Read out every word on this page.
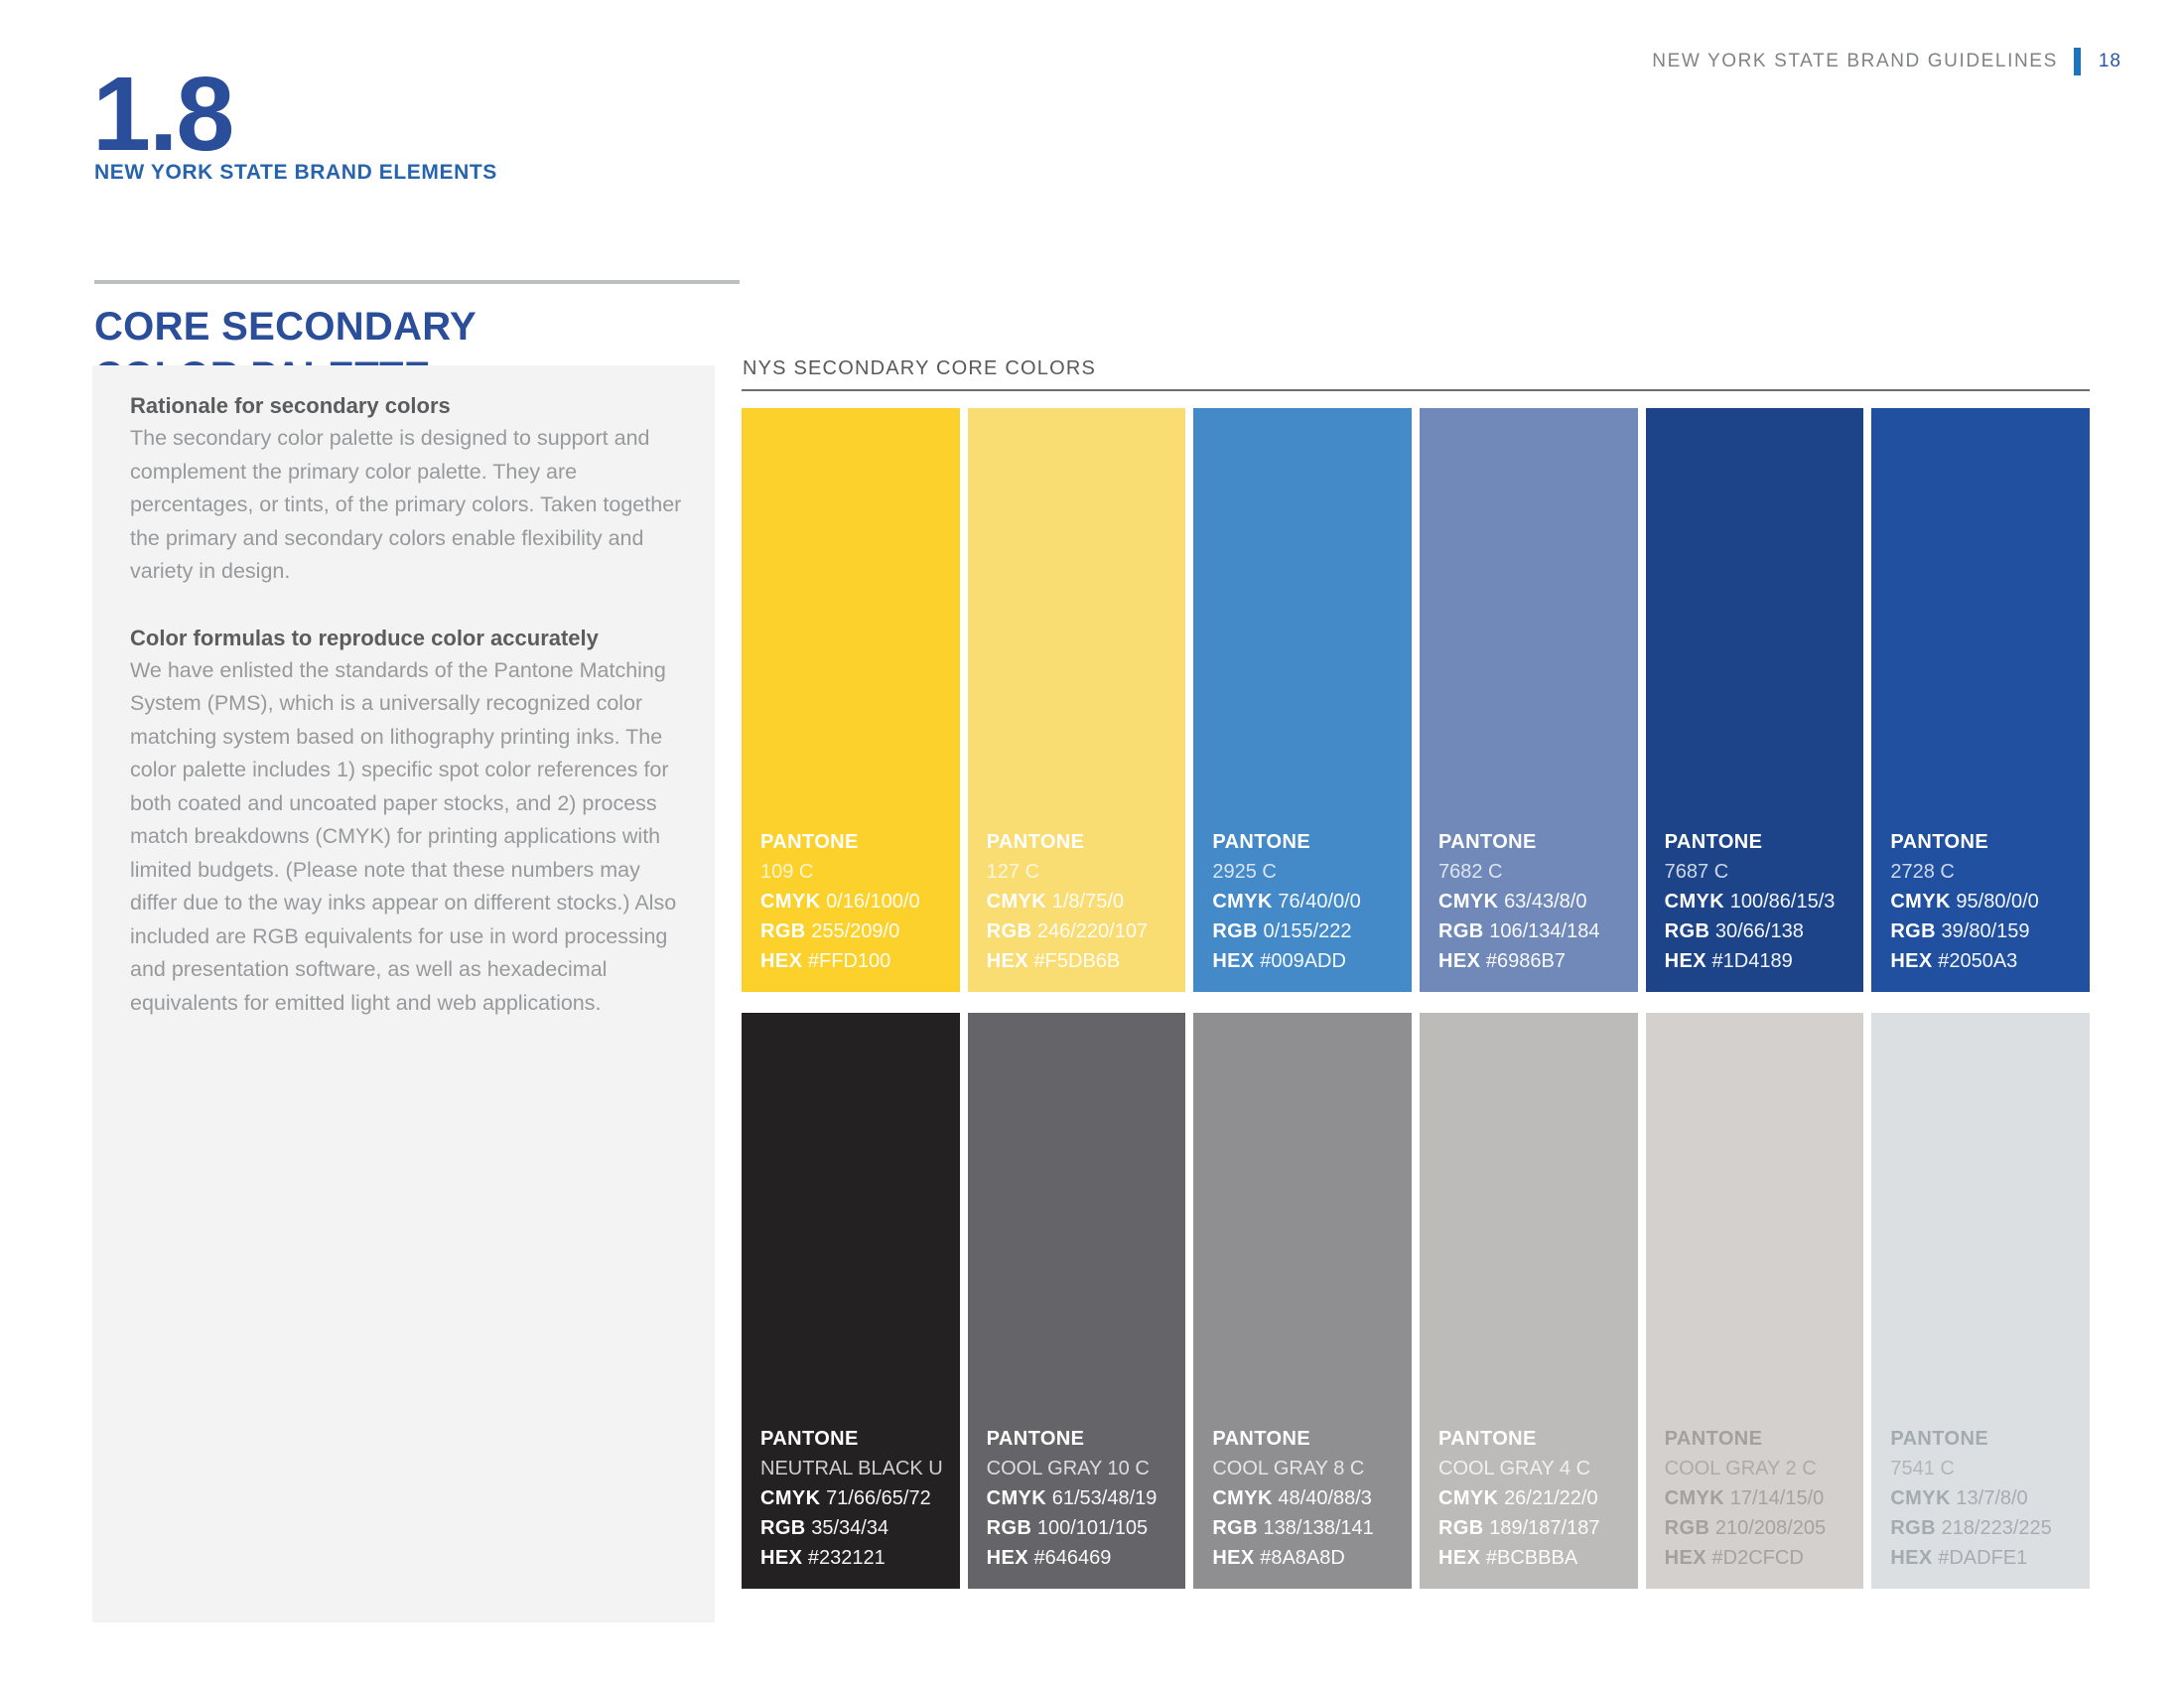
NEW YORK STATE BRAND GUIDELINES 18
1.8
NEW YORK STATE BRAND ELEMENTS
CORE SECONDARY

Rationale for secondary colors

The secondary color palette is designed to support and complement the primary color palette. They are percentages, or tints, of the primary colors. Taken together the primary and secondary colors enable flexibility and variety in design.

Color formulas to reproduce color accurately

We have enlisted the standards of the Pantone Matching System (PMS), which is a universally recognized color matching system based on lithography printing inks. The color palette includes 1) specific spot color references for both coated and uncoated paper stocks, and 2) process match breakdowns (CMYK) for printing applications with limited budgets. (Please note that these numbers may differ due to the way inks appear on different stocks.) Also included are RGB equivalents for use in word processing and presentation software, as well as hexadecimal equivalents for emitted light and web applications.

NYS SECONDARY CORE COLORS
PANTONE
109 C
CMYK 0/16/100/0
RGB 255/209/0
HEX #FFD100
PANTONE
127 C
CMYK 1/8/75/0
RGB 246/220/107
HEX #F5DB6B
PANTONE
2925 C
CMYK 76/40/0/0
RGB 0/155/222
HEX #009ADD
PANTONE
7682 C
CMYK 63/43/8/0
RGB 106/134/184
HEX #6986B7
PANTONE
7687 C
CMYK 100/86/15/3
RGB 30/66/138
HEX #1D4189
PANTONE
2728 C
CMYK 95/80/0/0
RGB 39/80/159
HEX #2050A3
PANTONE
NEUTRAL BLACK U
CMYK 71/66/65/72
RGB 35/34/34
HEX #232121
PANTONE
COOL GRAY 10 C
CMYK 61/53/48/19
RGB 100/101/105
HEX #646469
PANTONE
COOL GRAY 8 C
CMYK 48/40/88/3
RGB 138/138/141
HEX #8A8A8D
PANTONE
COOL GRAY 4 C
CMYK 26/21/22/0
RGB 189/187/187
HEX #BCBBBA
PANTONE
COOL GRAY 2 C
CMYK 17/14/15/0
RGB 210/208/205
HEX #D2CFCD
PANTONE
7541 C
CMYK 13/7/8/0
RGB 218/223/225
HEX #DADFE1
